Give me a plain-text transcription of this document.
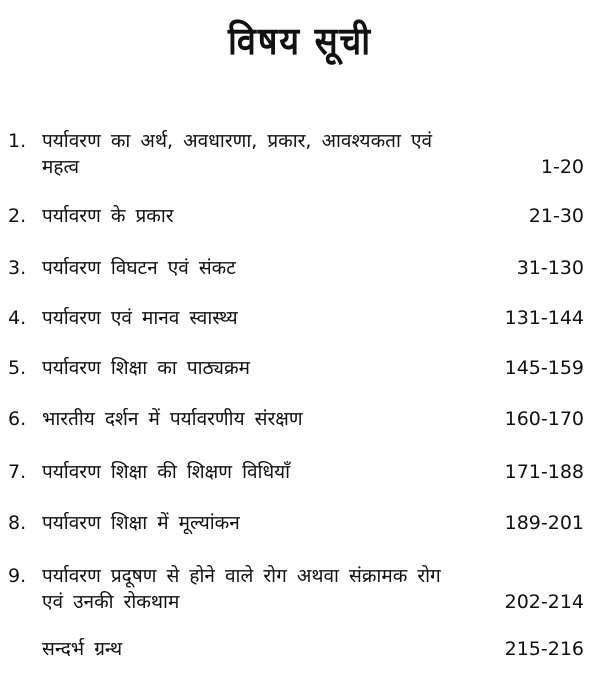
विषय सूची
1. पर्यावरण का अर्थ, अवधारणा, प्रकार, आवश्यकता एवं
महत्व	1-20
2. पर्यावरण के प्रकार	21-30
3. पर्यावरण विघटन एवं संकट	31-130
4. पर्यावरण एवं मानव स्वास्थ्य	131-144
5. पर्यावरण शिक्षा का पाठ्यक्रम	145-159
6. भारतीय दर्शन में पर्यावरणीय संरक्षण	160-170
7. पर्यावरण शिक्षा की शिक्षण विधियाँ	171-188
8. पर्यावरण शिक्षा में मूल्यांकन	189-201
9. पर्यावरण प्रदूषण से होने वाले रोग अथवा संक्रामक रोग
एवं उनकी रोकथाम	202-214
सन्दर्भ ग्रन्थ	215-216
